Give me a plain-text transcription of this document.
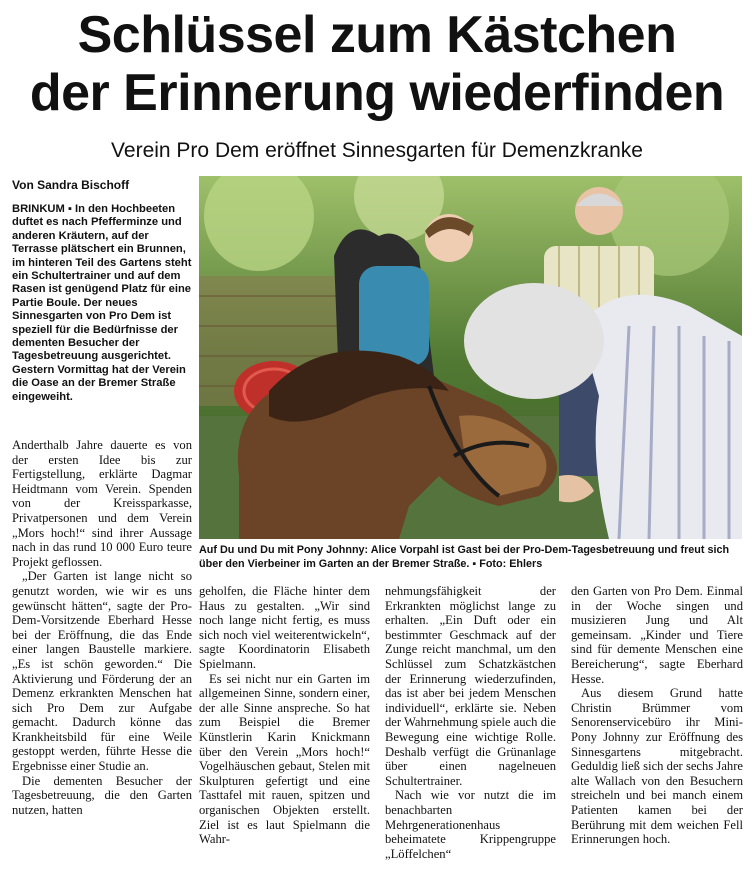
Schlüssel zum Kästchen
der Erinnerung wiederfinden
Verein Pro Dem eröffnet Sinnesgarten für Demenzkranke
Von Sandra Bischoff
BRINKUM ▪ In den Hochbeeten duftet es nach Pfefferminze und anderen Kräutern, auf der Terrasse plätschert ein Brunnen, im hinteren Teil des Gartens steht ein Schultertrainer und auf dem Rasen ist genügend Platz für eine Partie Boule. Der neues Sinnesgarten von Pro Dem ist speziell für die Bedürfnisse der dementen Besucher der Tagesbetreuung ausgerichtet. Gestern Vormittag hat der Verein die Oase an der Bremer Straße eingeweiht.

Anderthalb Jahre dauerte es von der ersten Idee bis zur Fertigstellung, erklärte Dagmar Heidtmann vom Verein. Spenden von der Kreissparkasse, Privatpersonen und dem Verein „Mors hoch!“ sind ihrer Aussage nach in das rund 10 000 Euro teure Projekt geflossen.

„Der Garten ist lange nicht so genutzt worden, wie wir es uns gewünscht hätten“, sagte der Pro-Dem-Vorsitzende Eberhard Hesse bei der Eröffnung, die das Ende einer langen Baustelle markiere. „Es ist schön geworden.“ Die Aktivierung und Förderung der an Demenz erkrankten Menschen hat sich Pro Dem zur Aufgabe gemacht. Dadurch könne das Krankheitsbild für eine Weile gestoppt werden, führte Hesse die Ergebnisse einer Studie an.

Die dementen Besucher der Tagesbetreuung, die den Garten nutzen, hatten

Auf Du und Du mit Pony Johnny: Alice Vorpahl ist Gast bei der Pro-Dem-Tagesbetreuung und freut sich über den Vierbeiner im Garten an der Bremer Straße. ▪ Foto: Ehlers

geholfen, die Fläche hinter dem Haus zu gestalten. „Wir sind noch lange nicht fertig, es muss sich noch viel weiterentwickeln“, sagte Koordinatorin Elisabeth Spielmann.

Es sei nicht nur ein Garten im allgemeinen Sinne, sondern einer, der alle Sinne anspreche. So hat zum Beispiel die Bremer Künstlerin Karin Knickmann über den Verein „Mors hoch!“ Vogelhäuschen gebaut, Stelen mit Skulpturen gefertigt und eine Tasttafel mit rauen, spitzen und organischen Objekten erstellt. Ziel ist es laut Spielmann die Wahr-

nehmungsfähigkeit der Erkrankten möglichst lange zu erhalten. „Ein Duft oder ein bestimmter Geschmack auf der Zunge reicht manchmal, um den Schlüssel zum Schatzkästchen der Erinnerung wiederzufinden, das ist aber bei jedem Menschen individuell“, erklärte sie. Neben der Wahrnehmung spiele auch die Bewegung eine wichtige Rolle. Deshalb verfügt die Grünanlage über einen nagelneuen Schultertrainer.

Nach wie vor nutzt die im benachbarten Mehrgenerationenhaus beheimatete Krippengruppe „Löffelchen“

den Garten von Pro Dem. Einmal in der Woche singen und musizieren Jung und Alt gemeinsam. „Kinder und Tiere sind für demente Menschen eine Bereicherung“, sagte Eberhard Hesse.

Aus diesem Grund hatte Christin Brümmer vom Senorenservicebüro ihr Mini-Pony Johnny zur Eröffnung des Sinnesgartens mitgebracht. Geduldig ließ sich der sechs Jahre alte Wallach von den Besuchern streicheln und bei manch einem Patienten kamen bei der Berührung mit dem weichen Fell Erinnerungen hoch.
